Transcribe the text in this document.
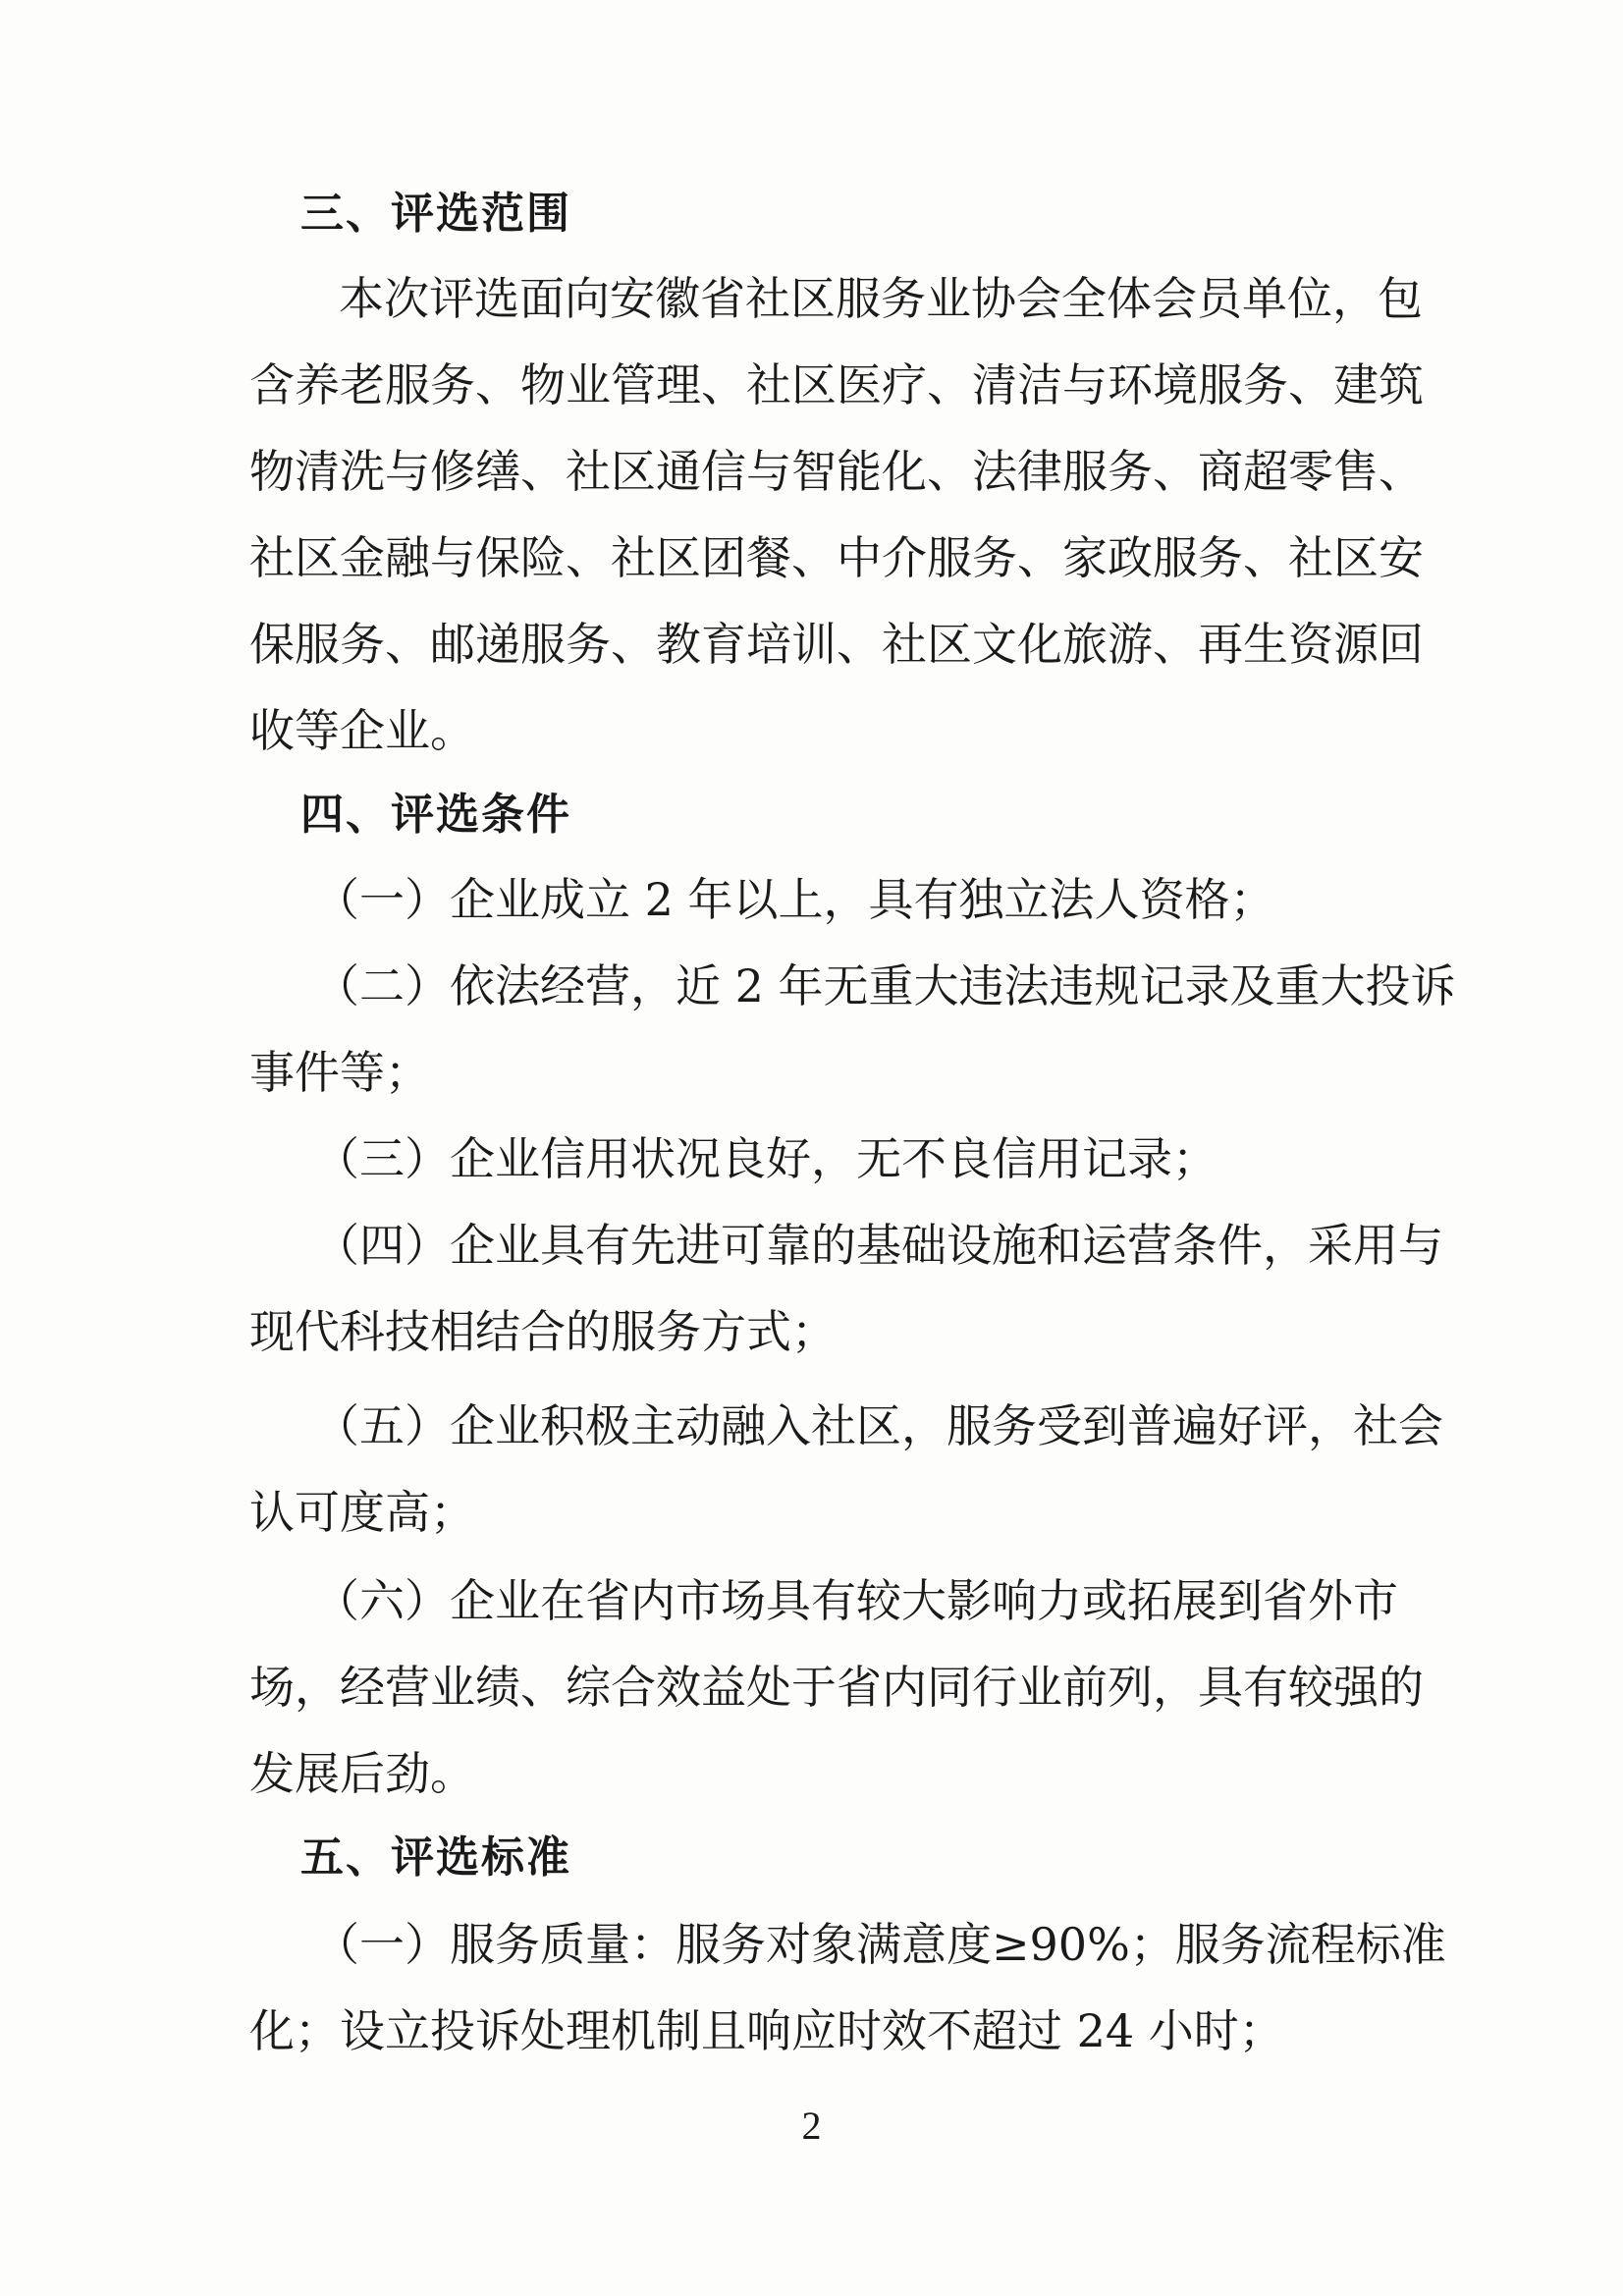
三、评选范围
本次评选面向安徽省社区服务业协会全体会员单位，包
含养老服务、物业管理、社区医疗、清洁与环境服务、建筑
物清洗与修缮、社区通信与智能化、法律服务、商超零售、
社区金融与保险、社区团餐、中介服务、家政服务、社区安
保服务、邮递服务、教育培训、社区文化旅游、再生资源回
收等企业。
四、评选条件
（一）企业成立 2 年以上，具有独立法人资格；
（二）依法经营，近 2 年无重大违法违规记录及重大投诉
事件等；
（三）企业信用状况良好，无不良信用记录；
（四）企业具有先进可靠的基础设施和运营条件，采用与
现代科技相结合的服务方式；
（五）企业积极主动融入社区，服务受到普遍好评，社会
认可度高；
（六）企业在省内市场具有较大影响力或拓展到省外市
场，经营业绩、综合效益处于省内同行业前列，具有较强的
发展后劲。
五、评选标准
（一）服务质量：服务对象满意度≥90%；服务流程标准
化；设立投诉处理机制且响应时效不超过 24 小时；
2
